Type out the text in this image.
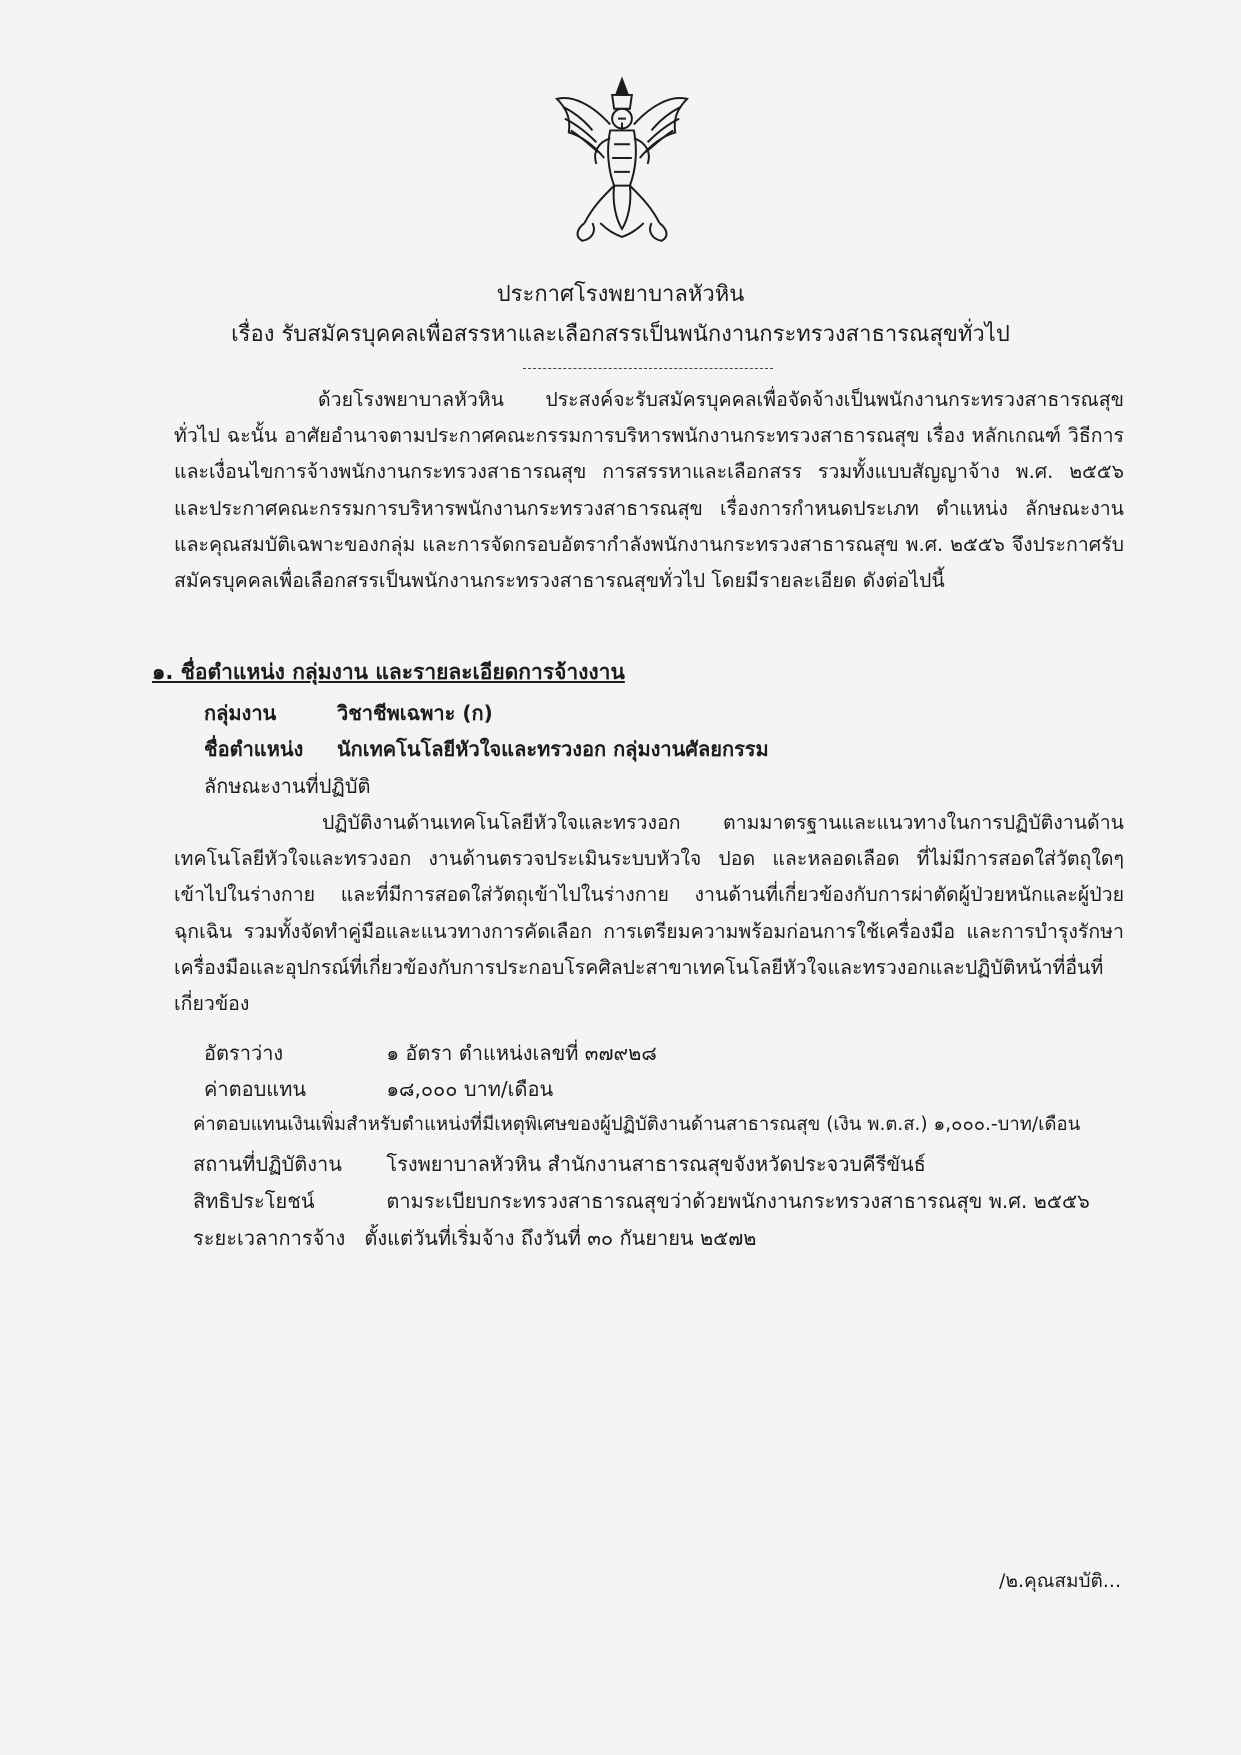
ประกาศโรงพยาบาลหัวหิน
เรื่อง รับสมัครบุคคลเพื่อสรรหาและเลือกสรรเป็นพนักงานกระทรวงสาธารณสุขทั่วไป

ด้วยโรงพยาบาลหัวหิน ประสงค์จะรับสมัครบุคคลเพื่อจัดจ้างเป็นพนักงานกระทรวงสาธารณสุขทั่วไป ฉะนั้น อาศัยอำนาจตามประกาศคณะกรรมการบริหารพนักงานกระทรวงสาธารณสุข เรื่อง หลักเกณฑ์ วิธีการ และเงื่อนไขการจ้างพนักงานกระทรวงสาธารณสุข การสรรหาและเลือกสรร รวมทั้งแบบสัญญาจ้าง พ.ศ. ๒๕๕๖ และประกาศคณะกรรมการบริหารพนักงานกระทรวงสาธารณสุข เรื่องการกำหนดประเภท ตำแหน่ง ลักษณะงานและคุณสมบัติเฉพาะของกลุ่ม และการจัดกรอบอัตรากำลังพนักงานกระทรวงสาธารณสุข พ.ศ. ๒๕๕๖ จึงประกาศรับสมัครบุคคลเพื่อเลือกสรรเป็นพนักงานกระทรวงสาธารณสุขทั่วไป โดยมีรายละเอียด ดังต่อไปนี้

๑. ชื่อตำแหน่ง กลุ่มงาน และรายละเอียดการจ้างงาน
กลุ่มงาน	วิชาชีพเฉพาะ (ก)
ชื่อตำแหน่ง นักเทคโนโลยีหัวใจและทรวงอก กลุ่มงานศัลยกรรม
ลักษณะงานที่ปฏิบัติ

ปฏิบัติงานด้านเทคโนโลยีหัวใจและทรวงอก ตามมาตรฐานและแนวทางในการปฏิบัติงานด้านเทคโนโลยีหัวใจและทรวงอก งานด้านตรวจประเมินระบบหัวใจ ปอด และหลอดเลือด ที่ไม่มีการสอดใส่วัตถุใดๆ เข้าไปในร่างกาย และที่มีการสอดใส่วัตถุเข้าไปในร่างกาย งานด้านที่เกี่ยวข้องกับการผ่าตัดผู้ป่วยหนักและผู้ป่วยฉุกเฉิน รวมทั้งจัดทำคู่มือและแนวทางการคัดเลือก การเตรียมความพร้อมก่อนการใช้เครื่องมือ และการบำรุงรักษาเครื่องมือและอุปกรณ์ที่เกี่ยวข้องกับการประกอบโรคศิลปะสาขาเทคโนโลยีหัวใจและทรวงอกและปฏิบัติหน้าที่อื่นที่เกี่ยวข้อง

อัตราว่าง	๑ อัตรา ตำแหน่งเลขที่ ๓๗๙๒๘
ค่าตอบแทน	๑๘,๐๐๐ บาท/เดือน
ค่าตอบแทนเงินเพิ่มสำหรับตำแหน่งที่มีเหตุพิเศษของผู้ปฏิบัติงานด้านสาธารณสุข (เงิน พ.ต.ส.) ๑,๐๐๐.-บาท/เดือน
สถานที่ปฏิบัติงาน โรงพยาบาลหัวหิน สำนักงานสาธารณสุขจังหวัดประจวบคีรีขันธ์
สิทธิประโยชน์	ตามระเบียบกระทรวงสาธารณสุขว่าด้วยพนักงานกระทรวงสาธารณสุข พ.ศ. ๒๕๕๖
ระยะเวลาการจ้าง ตั้งแต่วันที่เริ่มจ้าง ถึงวันที่ ๓๐ กันยายน ๒๕๗๒
/๒.คุณสมบัติ...
